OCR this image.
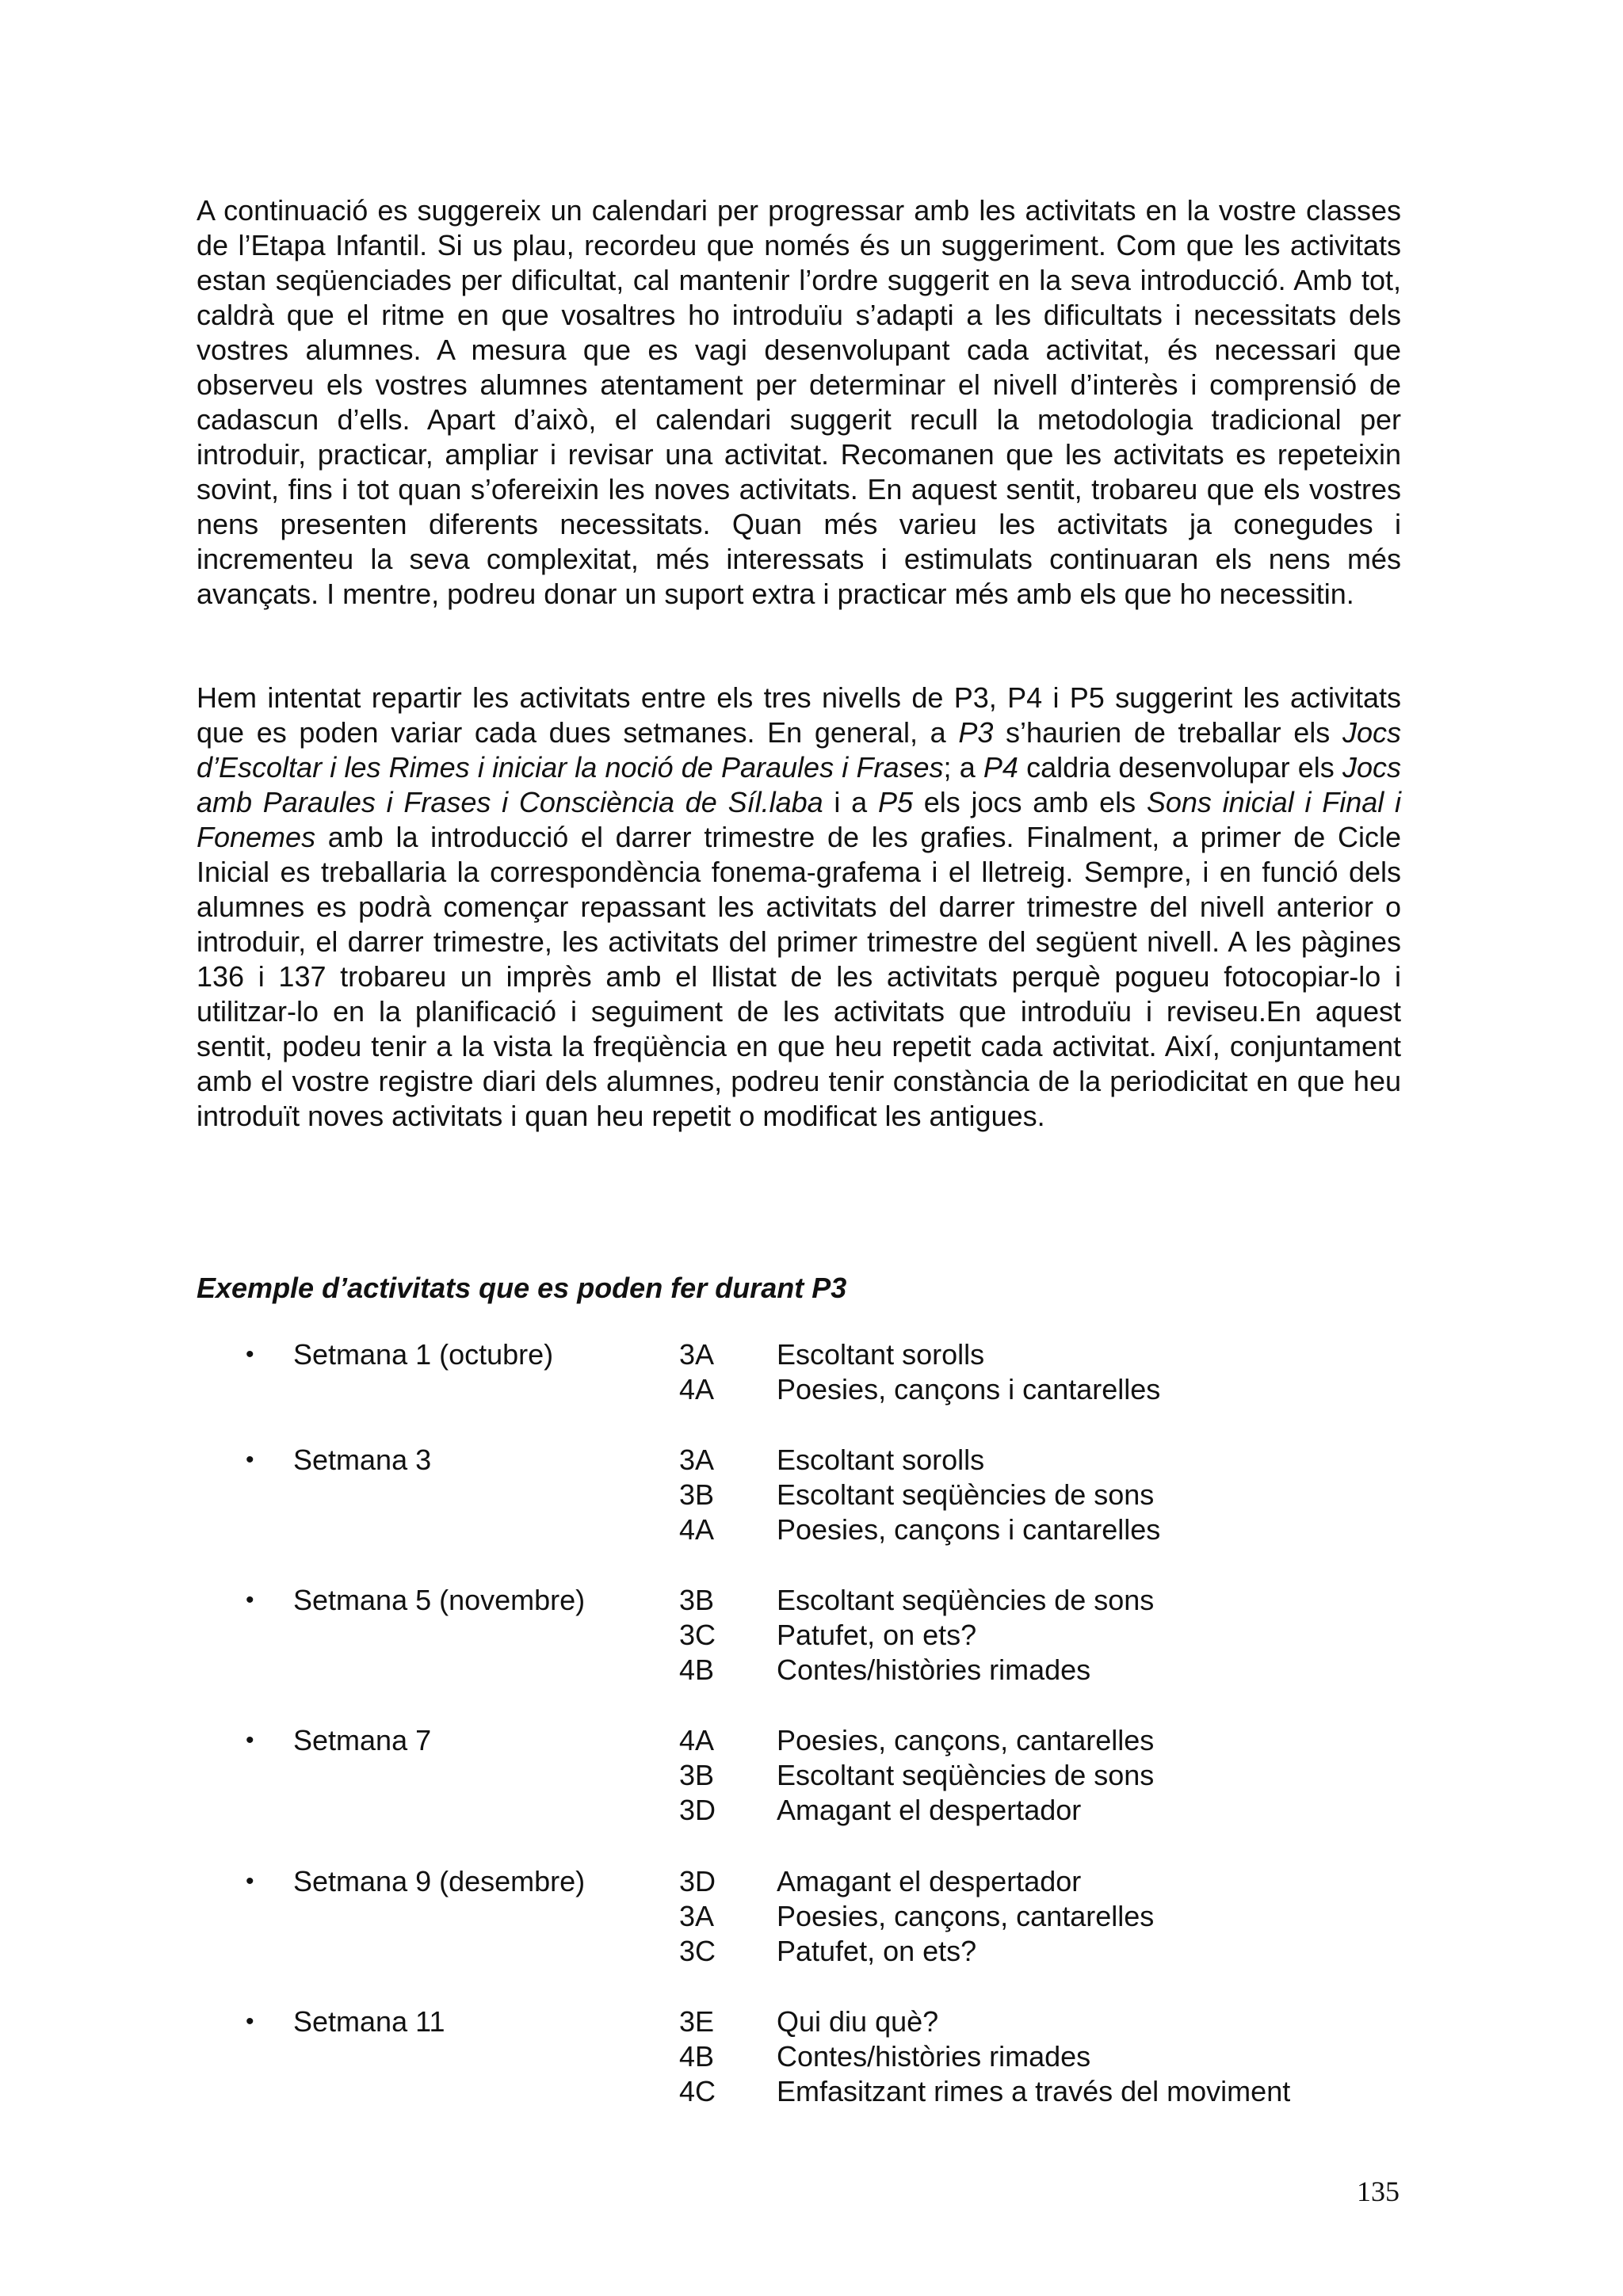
A continuació es suggereix un calendari per progressar amb les activitats en la vostre classes de l’Etapa Infantil. Si us plau, recordeu que només és un suggeriment. Com que les activitats estan seqüenciades per dificultat, cal mantenir l’ordre suggerit en la seva introducció. Amb tot, caldrà que el ritme en que vosaltres ho introduïu s’adapti a les dificultats i necessitats dels vostres alumnes. A mesura que es vagi desenvolupant cada activitat, és necessari que observeu els vostres alumnes atentament per determinar el nivell d’interès i comprensió de cadascun d’ells. Apart d’això, el calendari suggerit recull la metodologia tradicional per introduir, practicar, ampliar i revisar una activitat. Recomanen que les activitats es repeteixin sovint, fins i tot quan s’ofereixin les noves activitats. En aquest sentit, trobareu que els vostres nens presenten diferents necessitats. Quan més varieu les activitats ja conegudes i incrementeu la seva complexitat, més interessats i estimulats continuaran els nens més avançats. I mentre, podreu donar un suport extra i practicar més amb els que ho necessitin.

Hem intentat repartir les activitats entre els tres nivells de P3, P4 i P5 suggerint les activitats que es poden variar cada dues setmanes. En general, a P3 s’haurien de treballar els Jocs d’Escoltar i les Rimes i iniciar la noció de Paraules i Frases; a P4 caldria desenvolupar els Jocs amb Paraules i Frases i Consciència de Síl.laba i a P5 els jocs amb els Sons inicial i Final i Fonemes amb la introducció el darrer trimestre de les grafies. Finalment, a primer de Cicle Inicial es treballaria la correspondència fonema-grafema i el lletreig. Sempre, i en funció dels alumnes es podrà començar repassant les activitats del darrer trimestre del nivell anterior o introduir, el darrer trimestre, les activitats del primer trimestre del següent nivell. A les pàgines 136 i 137 trobareu un imprès amb el llistat de les activitats perquè pogueu fotocopiar-lo i utilitzar-lo en la planificació i seguiment de les activitats que introduïu i reviseu.En aquest sentit, podeu tenir a la vista la freqüència en que heu repetit cada activitat. Així, conjuntament amb el vostre registre diari dels alumnes, podreu tenir constància de la periodicitat en que heu introduït noves activitats i quan heu repetit o modificat les antigues.

Exemple d’activitats que es poden fer durant P3
• Setmana 1 (octubre)	3A Escoltant sorolls
4A Poesies, cançons i cantarelles
• Setmana 3	3A Escoltant sorolls
3B Escoltant seqüències de sons
4A Poesies, cançons i cantarelles
• Setmana 5 (novembre)	3B Escoltant seqüències de sons
3C Patufet, on ets?
4B Contes/històries rimades
• Setmana 7	4A Poesies, cançons, cantarelles
3B Escoltant seqüències de sons
3D Amagant el despertador
• Setmana 9 (desembre)	3D Amagant el despertador
3A Poesies, cançons, cantarelles
3C Patufet, on ets?
• Setmana 11	3E Qui diu què?
4B Contes/històries rimades
4C Emfasitzant rimes a través del moviment
135
